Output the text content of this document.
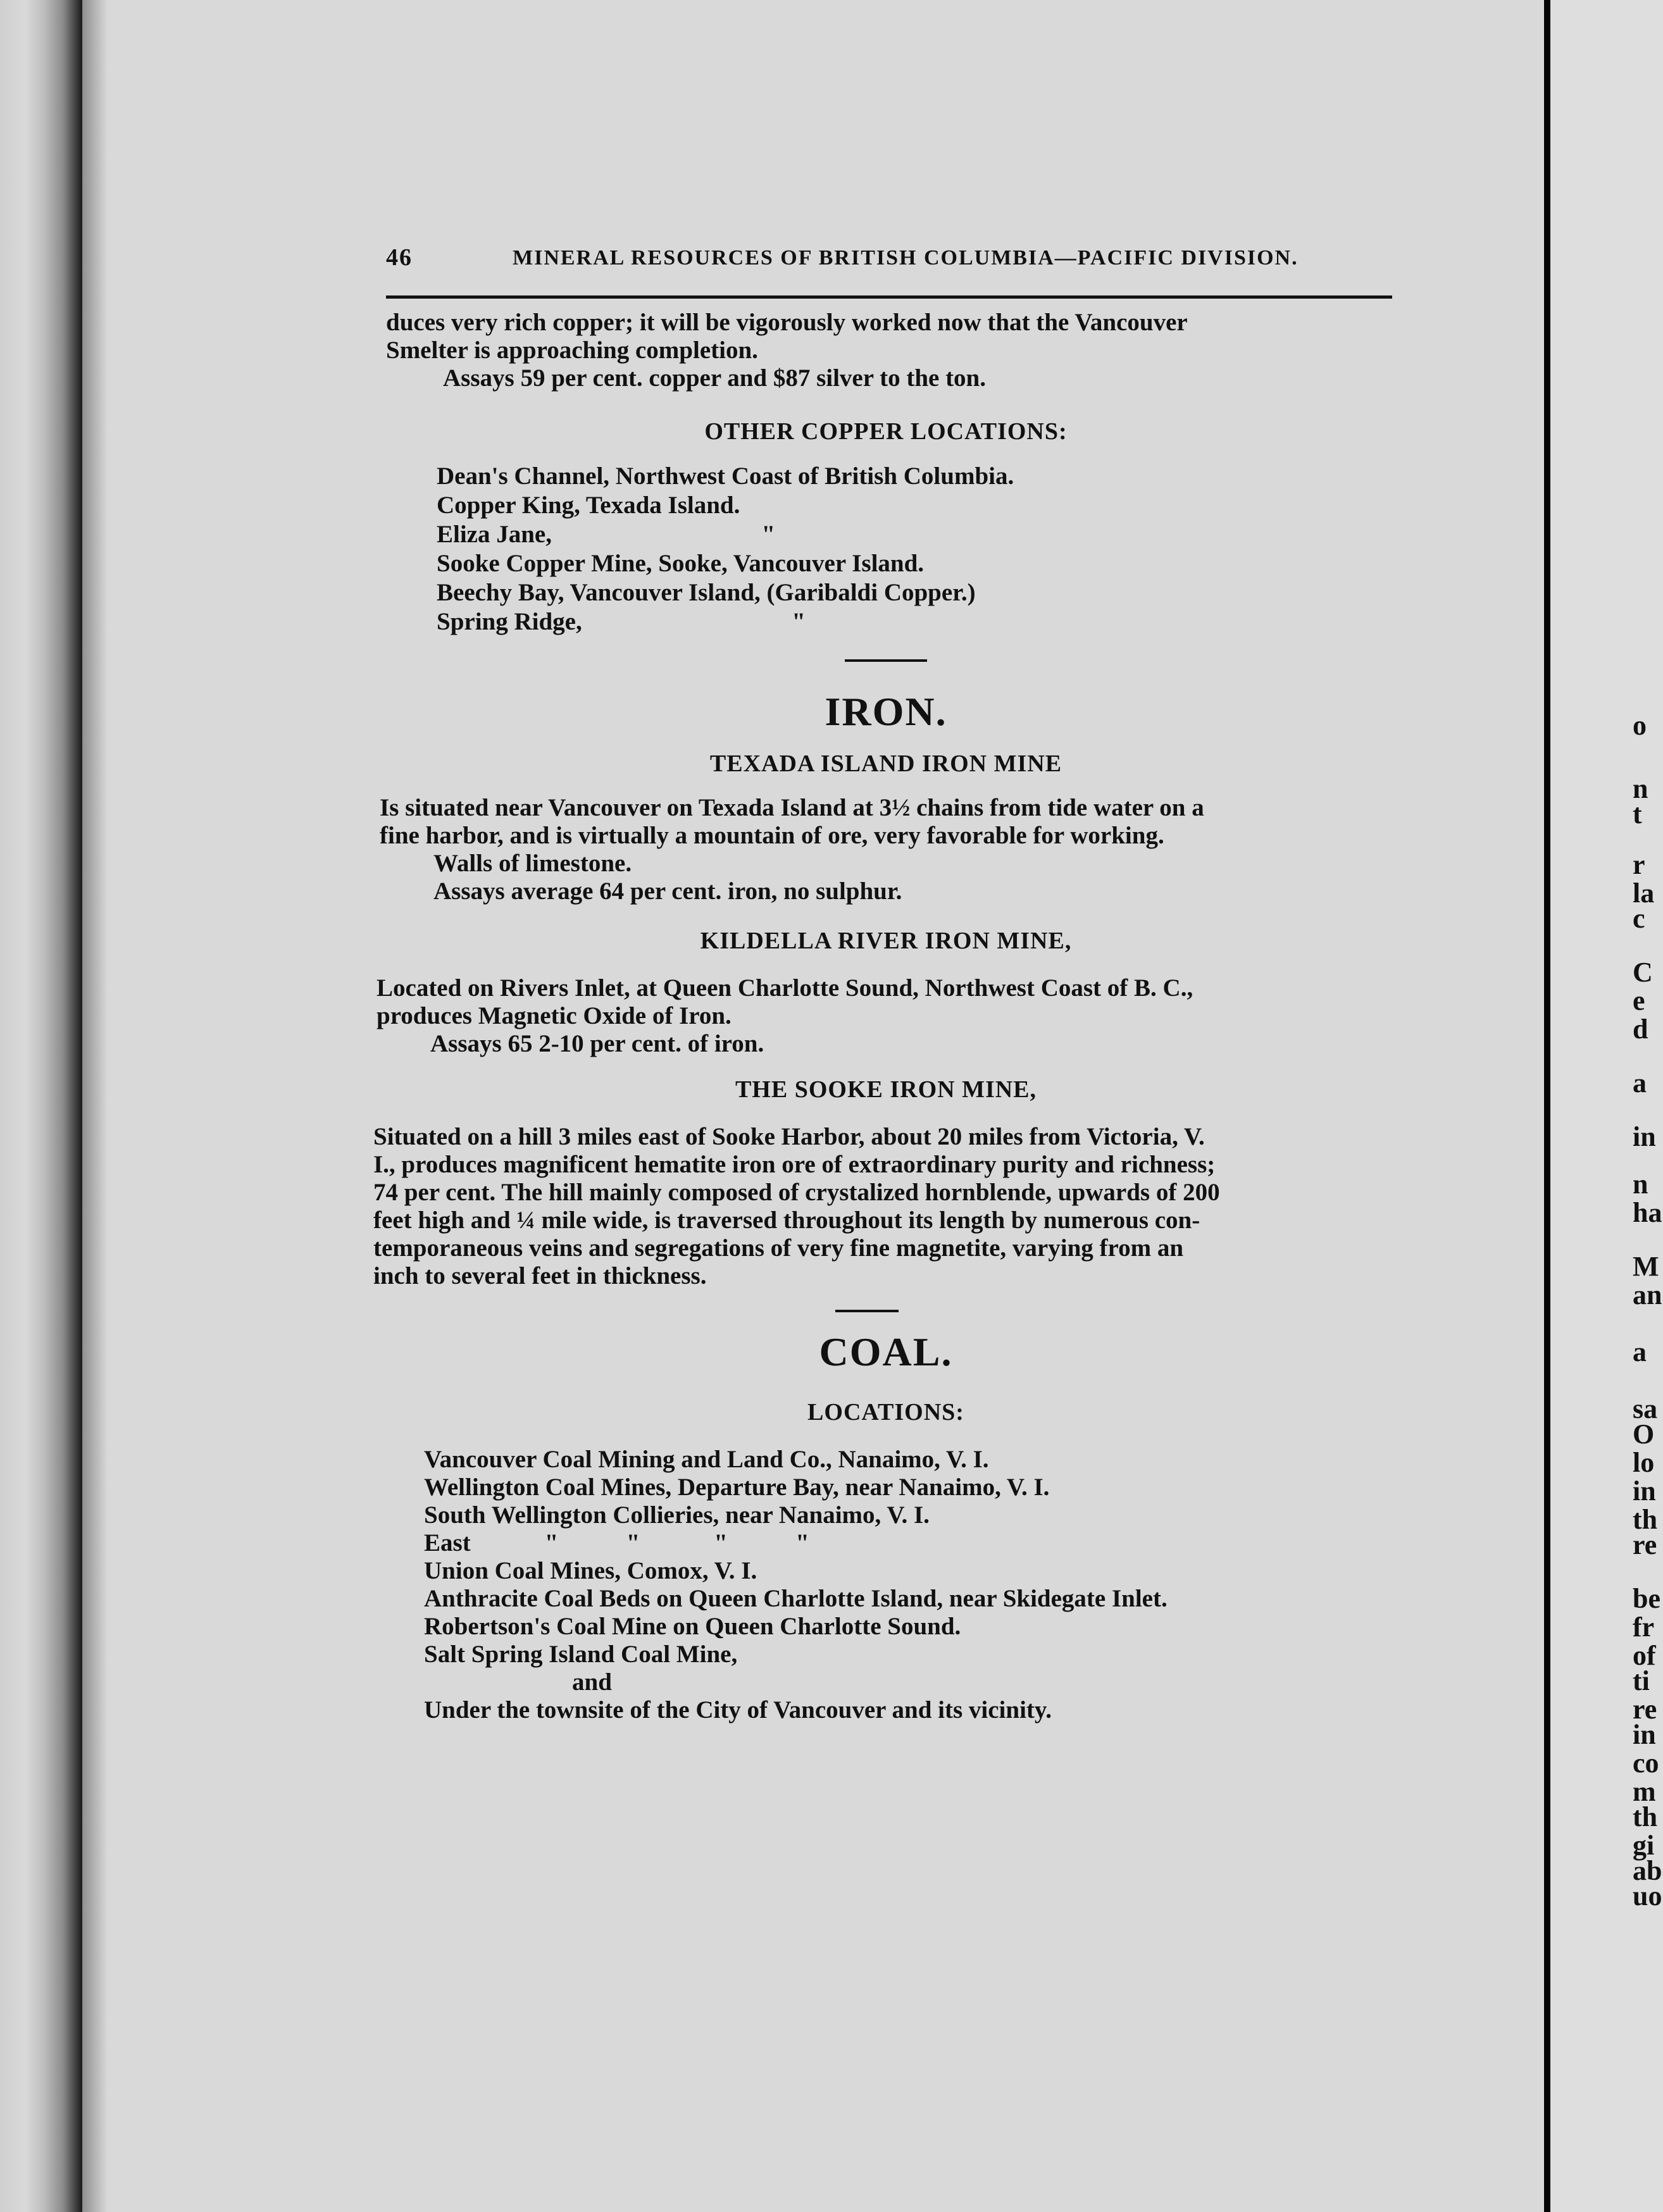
46	MINERAL RESOURCES OF BRITISH COLUMBIA—PACIFIC DIVISION.

duces very rich copper; it will be vigorously worked now that the Vancouver

Smelter is approaching completion.

Assays 59 per cent. copper and $87 silver to the ton.

OTHER COPPER LOCATIONS:

Dean's Channel, Northwest Coast of British Columbia.

Copper King, Texada Island.

Eliza Jane,                                  "

Sooke Copper Mine, Sooke, Vancouver Island.

Beechy Bay, Vancouver Island, (Garibaldi Copper.)

Spring Ridge,                                  "

IRON.
TEXADA ISLAND IRON MINE

Is situated near Vancouver on Texada Island at 3½ chains from tide water on a

fine harbor, and is virtually a mountain of ore, very favorable for working.

Walls of limestone.

Assays average 64 per cent. iron, no sulphur.

KILDELLA RIVER IRON MINE,

Located on Rivers Inlet, at Queen Charlotte Sound, Northwest Coast of B. C.,

produces Magnetic Oxide of Iron.

Assays 65 2-10 per cent. of iron.

THE SOOKE IRON MINE,

Situated on a hill 3 miles east of Sooke Harbor, about 20 miles from Victoria, V.

I., produces magnificent hematite iron ore of extraordinary purity and richness;

74 per cent. The hill mainly composed of crystalized hornblende, upwards of 200

feet high and ¼ mile wide, is traversed throughout its length by numerous con-

temporaneous veins and segregations of very fine magnetite, varying from an

inch to several feet in thickness.

COAL.
LOCATIONS:

Vancouver Coal Mining and Land Co., Nanaimo, V. I.

Wellington Coal Mines, Departure Bay, near Nanaimo, V. I.

South Wellington Collieries, near Nanaimo, V. I.

East            "           "            "           "

Union Coal Mines, Comox, V. I.

Anthracite Coal Beds on Queen Charlotte Island, near Skidegate Inlet.

Robertson's Coal Mine on Queen Charlotte Sound.

Salt Spring Island Coal Mine,

and

Under the townsite of the City of Vancouver and its vicinity.

o
n
t
r
la
c
C
e
d
a
in
n
ha
M
an
a
sa
O
lo
in
th
re
be
fr
of
ti
re
in
co
m
th
gi
ab
uo
